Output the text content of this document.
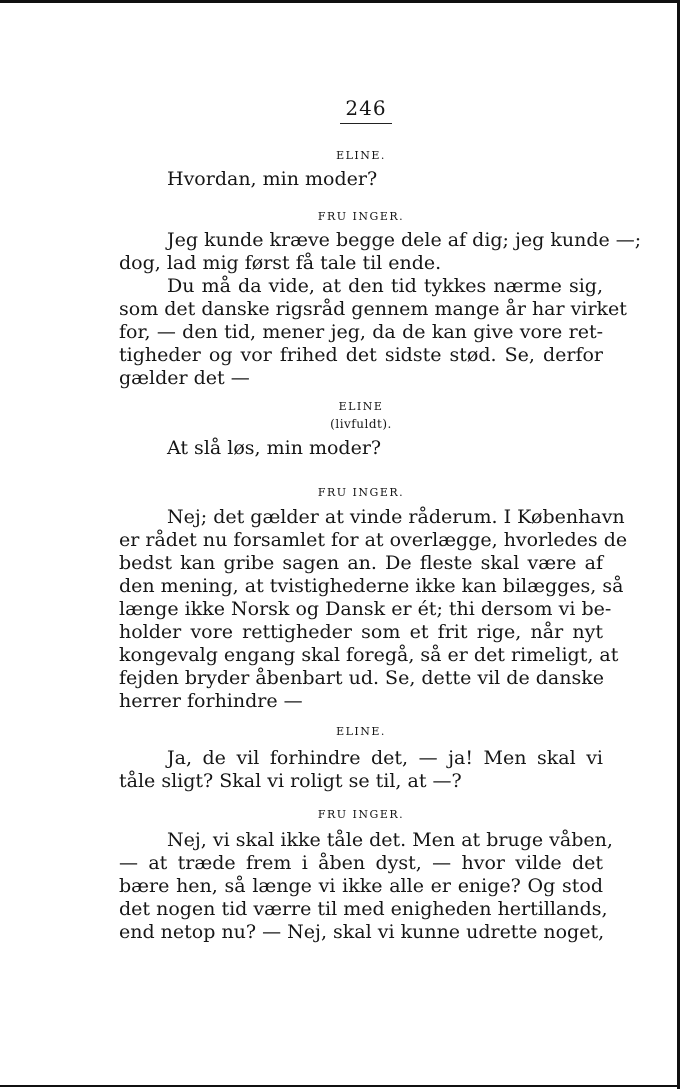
246
ELINE.
Hvordan, min moder?
FRU INGER.
Jeg kunde kræve begge dele af dig; jeg kunde —;
dog, lad mig først få tale til ende.
Du må da vide, at den tid tykkes nærme sig,
som det danske rigsråd gennem mange år har virket
for, — den tid, mener jeg, da de kan give vore ret-
tigheder og vor frihed det sidste stød. Se, derfor
gælder det —
ELINE
(livfuldt).
At slå løs, min moder?
FRU INGER.
Nej; det gælder at vinde råderum. I København
er rådet nu forsamlet for at overlægge, hvorledes de
bedst kan gribe sagen an. De fleste skal være af
den mening, at tvistighederne ikke kan bilægges, så
længe ikke Norsk og Dansk er ét; thi dersom vi be-
holder vore rettigheder som et frit rige, når nyt
kongevalg engang skal foregå, så er det rimeligt, at
fejden bryder åbenbart ud. Se, dette vil de danske
herrer forhindre —
ELINE.
Ja, de vil forhindre det, — ja! Men skal vi
tåle sligt? Skal vi roligt se til, at —?
FRU INGER.
Nej, vi skal ikke tåle det. Men at bruge våben,
— at træde frem i åben dyst, — hvor vilde det
bære hen, så længe vi ikke alle er enige? Og stod
det nogen tid værre til med enigheden hertillands,
end netop nu? — Nej, skal vi kunne udrette noget,
